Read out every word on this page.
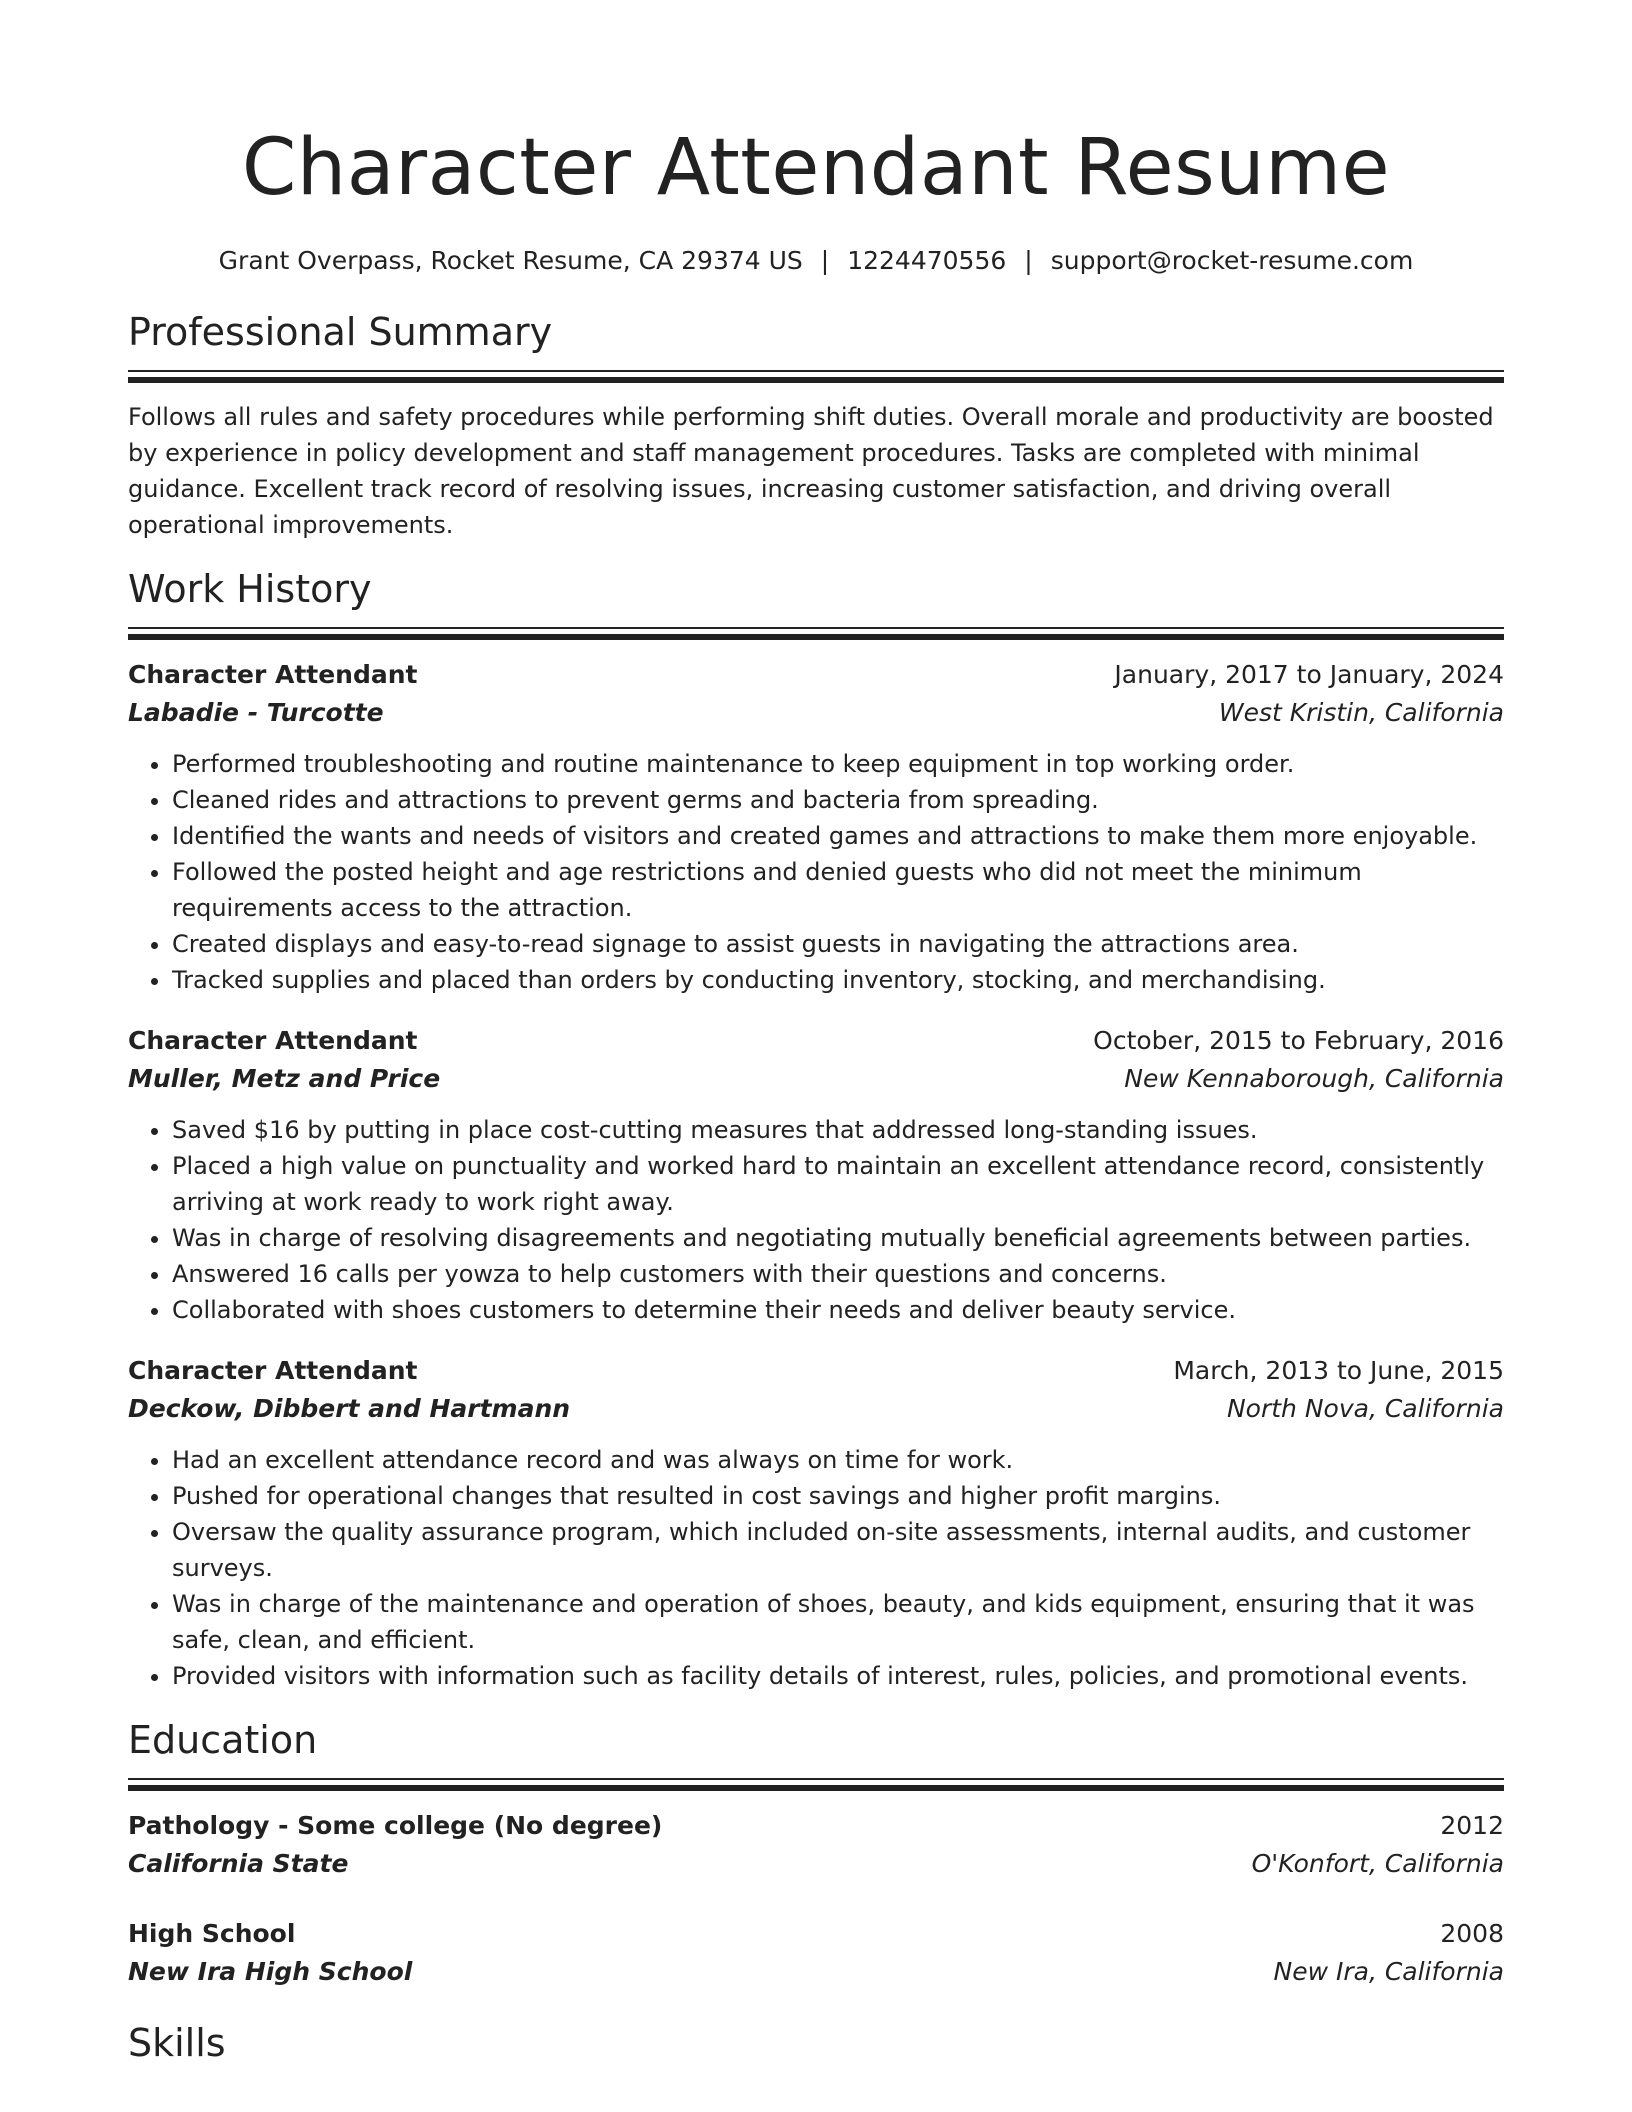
Character Attendant Resume
Grant Overpass, Rocket Resume, CA 29374 US | 1224470556 | support@rocket-resume.com
Professional Summary
Follows all rules and safety procedures while performing shift duties. Overall morale and productivity are boosted by experience in policy development and staff management procedures. Tasks are completed with minimal guidance. Excellent track record of resolving issues, increasing customer satisfaction, and driving overall operational improvements.
Work History
Character Attendant	January, 2017 to January, 2024
Labadie - Turcotte	West Kristin, California
• Performed troubleshooting and routine maintenance to keep equipment in top working order.
• Cleaned rides and attractions to prevent germs and bacteria from spreading.
• Identified the wants and needs of visitors and created games and attractions to make them more enjoyable.
• Followed the posted height and age restrictions and denied guests who did not meet the minimum requirements access to the attraction.
• Created displays and easy-to-read signage to assist guests in navigating the attractions area.
• Tracked supplies and placed than orders by conducting inventory, stocking, and merchandising.
Character Attendant	October, 2015 to February, 2016
Muller, Metz and Price	New Kennaborough, California
• Saved $16 by putting in place cost-cutting measures that addressed long-standing issues.
• Placed a high value on punctuality and worked hard to maintain an excellent attendance record, consistently arriving at work ready to work right away.
• Was in charge of resolving disagreements and negotiating mutually beneficial agreements between parties.
• Answered 16 calls per yowza to help customers with their questions and concerns.
• Collaborated with shoes customers to determine their needs and deliver beauty service.
Character Attendant	March, 2013 to June, 2015
Deckow, Dibbert and Hartmann	North Nova, California
• Had an excellent attendance record and was always on time for work.
• Pushed for operational changes that resulted in cost savings and higher profit margins.
• Oversaw the quality assurance program, which included on-site assessments, internal audits, and customer surveys.
• Was in charge of the maintenance and operation of shoes, beauty, and kids equipment, ensuring that it was safe, clean, and efficient.
• Provided visitors with information such as facility details of interest, rules, policies, and promotional events.
Education
Pathology - Some college (No degree)	2012
California State	O'Konfort, California
High School	2008
New Ira High School	New Ira, California
Skills
